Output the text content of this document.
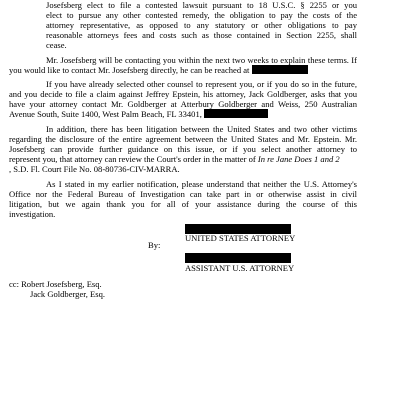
Josefsberg elect to file a contested lawsuit pursuant to 18 U.S.C. § 2255 or you
elect to pursue any other contested remedy, the obligation to pay the costs of the
attorney representative, as opposed to any statutory or other obligations to pay
reasonable attorneys fees and costs such as those contained in Section 2255, shall
cease.
Mr. Josefsberg will be contacting you within the next two weeks to explain these terms. If
you would like to contact Mr. Josefsberg directly, he can be reached at
If you have already selected other counsel to represent you, or if you do so in the future,
and you decide to file a claim against Jeffrey Epstein, his attorney, Jack Goldberger, asks that you
have your attorney contact Mr. Goldberger at Atterbury Goldberger and Weiss, 250 Australian
Avenue South, Suite 1400, West Palm Beach, FL 33401,
In addition, there has been litigation between the United States and two other victims
regarding the disclosure of the entire agreement between the United States and Mr. Epstein. Mr.
Josefsberg can provide further guidance on this issue, or if you select another attorney to
represent you, that attorney can review the Court's order in the matter of In re Jane Does 1 and 2
, S.D. Fl. Court File No. 08-80736-CIV-MARRA.
As I stated in my earlier notification, please understand that neither the U.S. Attorney's
Office nor the Federal Bureau of Investigation can take part in or otherwise assist in civil
litigation, but we again thank you for all of your assistance during the course of this
investigation.
UNITED STATES ATTORNEY
By:
ASSISTANT U.S. ATTORNEY
cc: Robert Josefsberg, Esq.
Jack Goldberger, Esq.
